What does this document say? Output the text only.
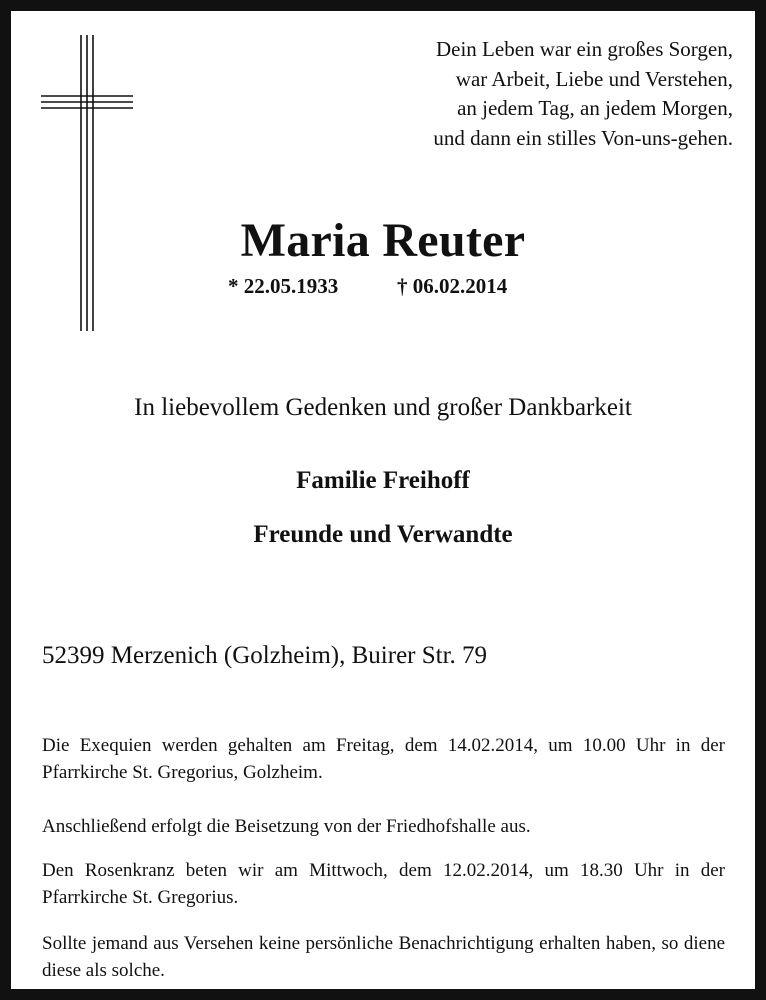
Dein Leben war ein großes Sorgen,
war Arbeit, Liebe und Verstehen,
an jedem Tag, an jedem Morgen,
und dann ein stilles Von-uns-gehen.
Maria Reuter
* 22.05.1933	† 06.02.2014
In liebevollem Gedenken und großer Dankbarkeit
Familie Freihoff
Freunde und Verwandte
52399 Merzenich (Golzheim), Buirer Str. 79
Die Exequien werden gehalten am Freitag, dem 14.02.2014, um 10.00 Uhr in der Pfarrkirche St. Gregorius, Golzheim.
Anschließend erfolgt die Beisetzung von der Friedhofshalle aus.
Den Rosenkranz beten wir am Mittwoch, dem 12.02.2014, um 18.30 Uhr in der Pfarrkirche St. Gregorius.
Sollte jemand aus Versehen keine persönliche Benachrichtigung erhalten haben, so diene diese als solche.
